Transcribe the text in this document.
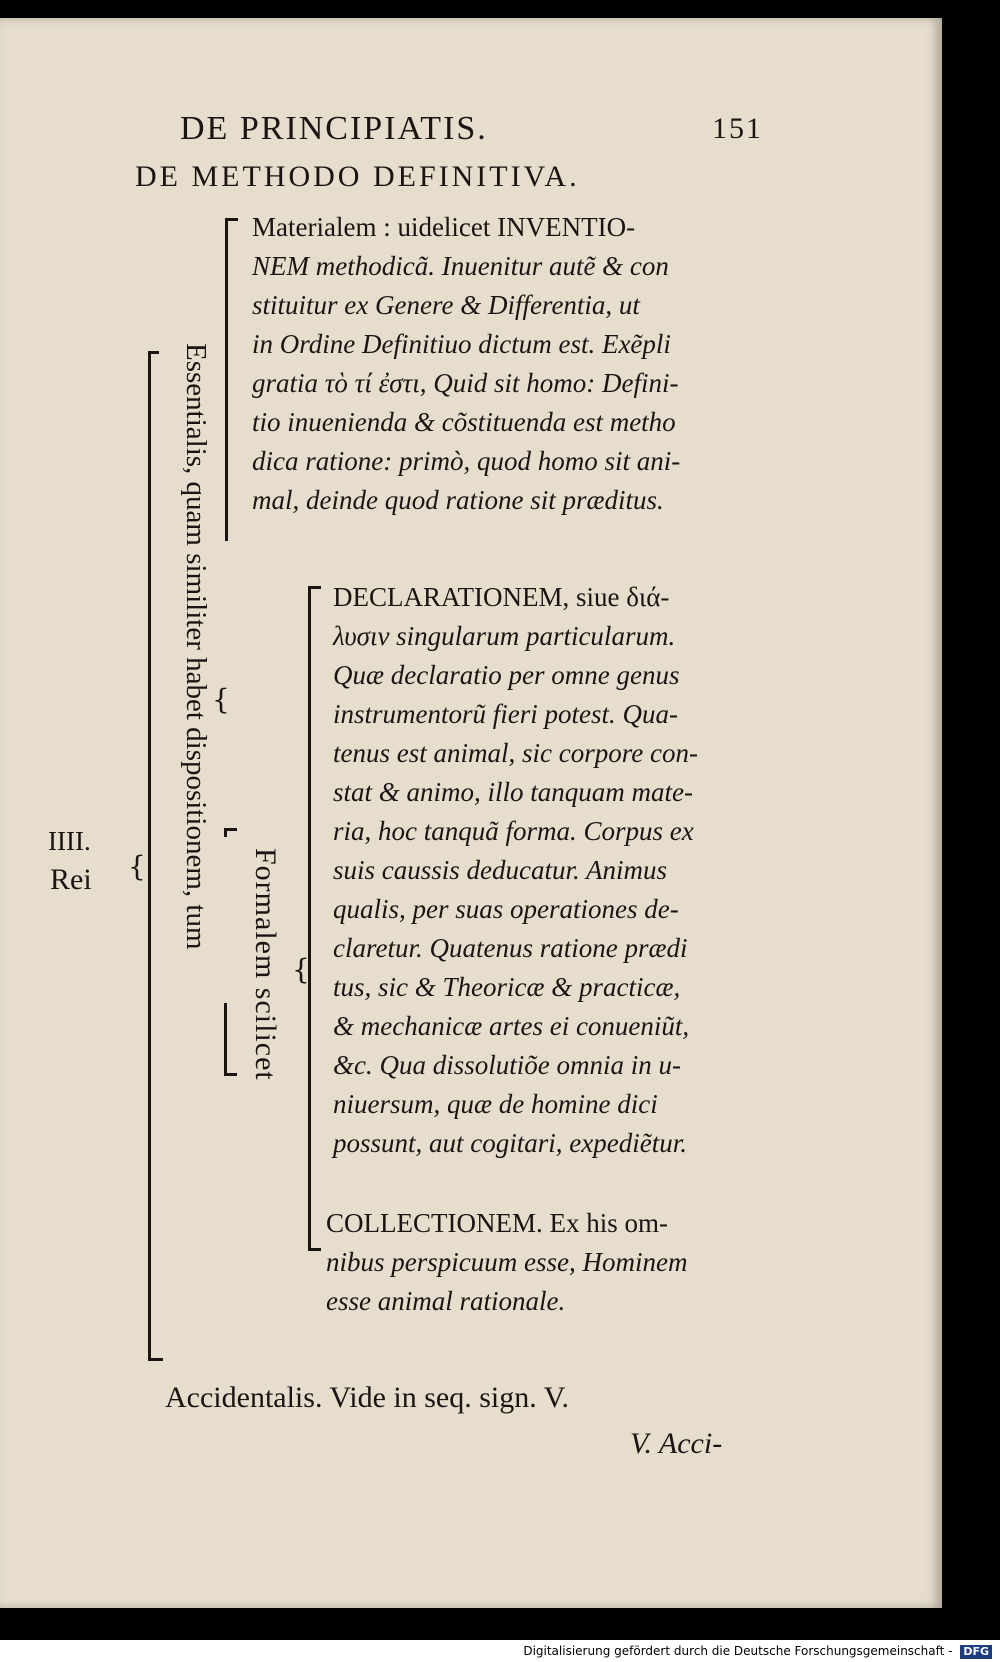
DE PRINCIPIATIS.	151
DE METHODO DEFINITIVA.
Materialem : uidelicet INVENTIO-
NEM methodicã. Inuenitur autẽ & con
stituitur ex Genere & Differentia, ut
in Ordine Definitiuo dictum est. Exẽpli
gratia τὸ τί ἐστι, Quid sit homo: Defini-
tio inuenienda & cõstituenda est metho
dica ratione: primò, quod homo sit ani-
mal, deinde quod ratione sit præditus.
DECLARATIONEM, siue διά-
λυσιν singularum particularum.
Quæ declaratio per omne genus
instrumentorũ fieri potest. Qua-
tenus est animal, sic corpore con-
stat & animo, illo tanquam mate-
ria, hoc tanquã forma. Corpus ex
suis caussis deducatur. Animus
qualis, per suas operationes de-
claretur. Quatenus ratione prædi
tus, sic & Theoricæ & practicæ,
& mechanicæ artes ei conueniũt,
&c. Qua dissolutiõe omnia in u-
niuersum, quæ de homine dici
possunt, aut cogitari, expediẽtur.
COLLECTIONEM. Ex his om-
nibus perspicuum esse, Hominem
esse animal rationale.
{
Formalem scilicet
{
Essentialis, quam similiter habet dispositionem, tum
{
IIII.
Rei
Accidentalis. Vide in seq. sign. V.
V. Acci-
Digitalisierung gefördert durch die Deutsche Forschungsgemeinschaft - DFG
